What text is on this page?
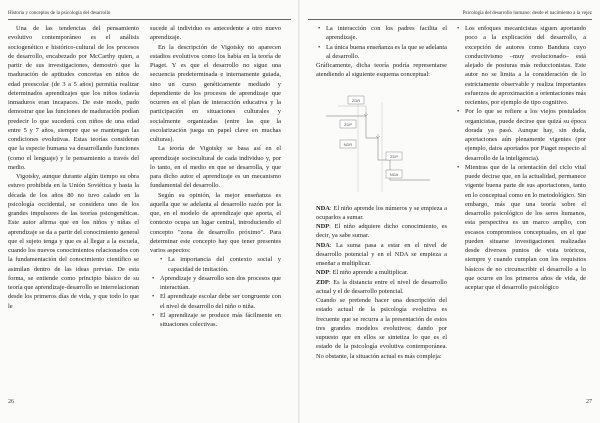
Historia y conceptos de la psicología del desarrollo

Una de las tendencias del pensamiento evolutivo contemporáneo es el análisis sociogenético e histórico-cultural de los procesos de desarrollo, encabezado por McCarthy quien, a partir de sus investigaciones, demostró que la maduración de aptitudes concretas en niños de edad preescolar (de 3 a 5 años) permitía realizar determinados aprendizajes que los niños todavía inmaduros eran incapaces. De este modo, pudo demostrar que las funciones de maduración podían predecir lo que sucederá con niños de una edad entre 5 y 7 años, siempre que se mantengan las condiciones evolutivas. Estas teorías consideran que la especie humana va desarrollando funciones (como el lenguaje) y le pensamiento a través del medio.

Vigotsky, aunque durante algún tiempo su obra estuvo prohibida en la Unión Soviética y hasta la década de los años 80 no tuvo calado en la psicología occidental, se considera uno de los grandes impulsores de las teorías psicogenéticas. Este autor afirma que en los niños y niñas el aprendizaje se da a partir del conocimiento general que el sujeto tenga y que es al llegar a la escuela, cuando los nuevos conocimientos relacionados con la fundamentación del conocimiento científico se asimilan dentro de las ideas previas. De esta forma, se entiende como principio básico de su teoría que aprendizaje-desarrollo se interrelacionan desde los primeros días de vida, y que todo lo que le

sucede al individuo es antecedente a otro nuevo aprendizaje.

En la descripción de Vigotsky no aparecen estadios evolutivos como los había en la teoría de Piaget. Y es que el desarrollo no sigue una secuencia predeterminada e internamente guiada, sino un curso genéticamente mediado y dependiente de los procesos de aprendizaje que ocurren en el plan de interacción educativa y la participación en situaciones culturales y socialmente organizadas (entre las que la escolarización juega un papel clave en muchas culturas).

La teoría de Vigotsky se basa así en el aprendizaje sociocultural de cada individuo y, por lo tanto, en el medio en que se desarrolla, y que para dicho autor el aprendizaje es un mecanismo fundamental del desarrollo.

Según su opinión, la mejor enseñanza es aquella que se adelanta al desarrollo razón por la que, en el modelo de aprendizaje que aporta, el contexto ocupa un lugar central, introduciendo el concepto "zona de desarrollo próximo". Para determinar este concepto hay que tener presentes varios aspectos:

• La importancia del contexto social y capacidad de imitación.
• Aprendizaje y desarrollo son dos procesos que interactúan.
• El aprendizaje escolar debe ser congruente con el nivel de desarrollo del niño o niña.
• El aprendizaje se produce más fácilmente en situaciones colectivas.
26
Psicología del desarrollo humano: desde el nacimiento a la vejez
• La interacción con los padres facilita el aprendizaje.
• La única buena enseñanza es la que se adelanta al desarrollo.

Gráficamente, dicha teoría podría representarse atendiendo al siguiente esquema conceptual:

ZDR
ZDP
NDR
ZDP
NDA

NDA: El niño aprende los números y se empieza a ocuparlos a sumar.

NDP: El niño adquiere dicho conocimiento, es decir, ya sabe sumar.

NDA: La suma pasa a estar en el nivel de desarrollo potencial y en el NDA se empieza a enseñar a multiplicar.

NDP: El niño aprende a multiplicar.

ZDP: Es la distancia entre el nivel de desarrollo actual y el de desarrollo potencial.

Cuando se pretende hacer una descripción del estado actual de la psicología evolutiva es frecuente que se recurra a la presentación de estos tres grandes modelos evolutivos; dando por supuesto que en ellos se sintetiza lo que es el estado de la psicología evolutiva contemporánea. No obstante, la situación actual es más compleja:

• Los enfoques mecanicistas siguen aportando poco a la explicación del desarrollo, a excepción de autores como Bandura cuyo conductivismo –muy evolucionado– está alejado de posturas más reduccionistas. Este autor no se limita a la consideración de lo estrictamente observable y realiza importantes esfuerzos de aproximación a orientaciones más recientes, por ejemplo de tipo cognitivo.
• Por lo que se refiere a los viejos postulados organicistas, puede decirse que quizá su época dorada ya pasó. Aunque hay, sin duda, aportaciones aún plenamente vigentes (por ejemplo, datos aportados por Piaget respecto al desarrollo de la inteligencia).
• Mientras que de la orientación del ciclo vital puede decirse que, en la actualidad, permanece vigente buena parte de sus aportaciones, tanto en lo conceptual como en lo metodológico. Sin embargo, más que una teoría sobre el desarrollo psicológico de los seres humanos, esta perspectiva es un marco amplio, con escasos compromisos conceptuales, en el que pueden situarse investigaciones realizadas desde diversos puntos de vista teóricos, siempre y cuando cumplan con los requisitos básicos de no circunscribir el desarrollo a lo que ocurre en los primeros años de vida, de aceptar que el desarrollo psicológico
27
